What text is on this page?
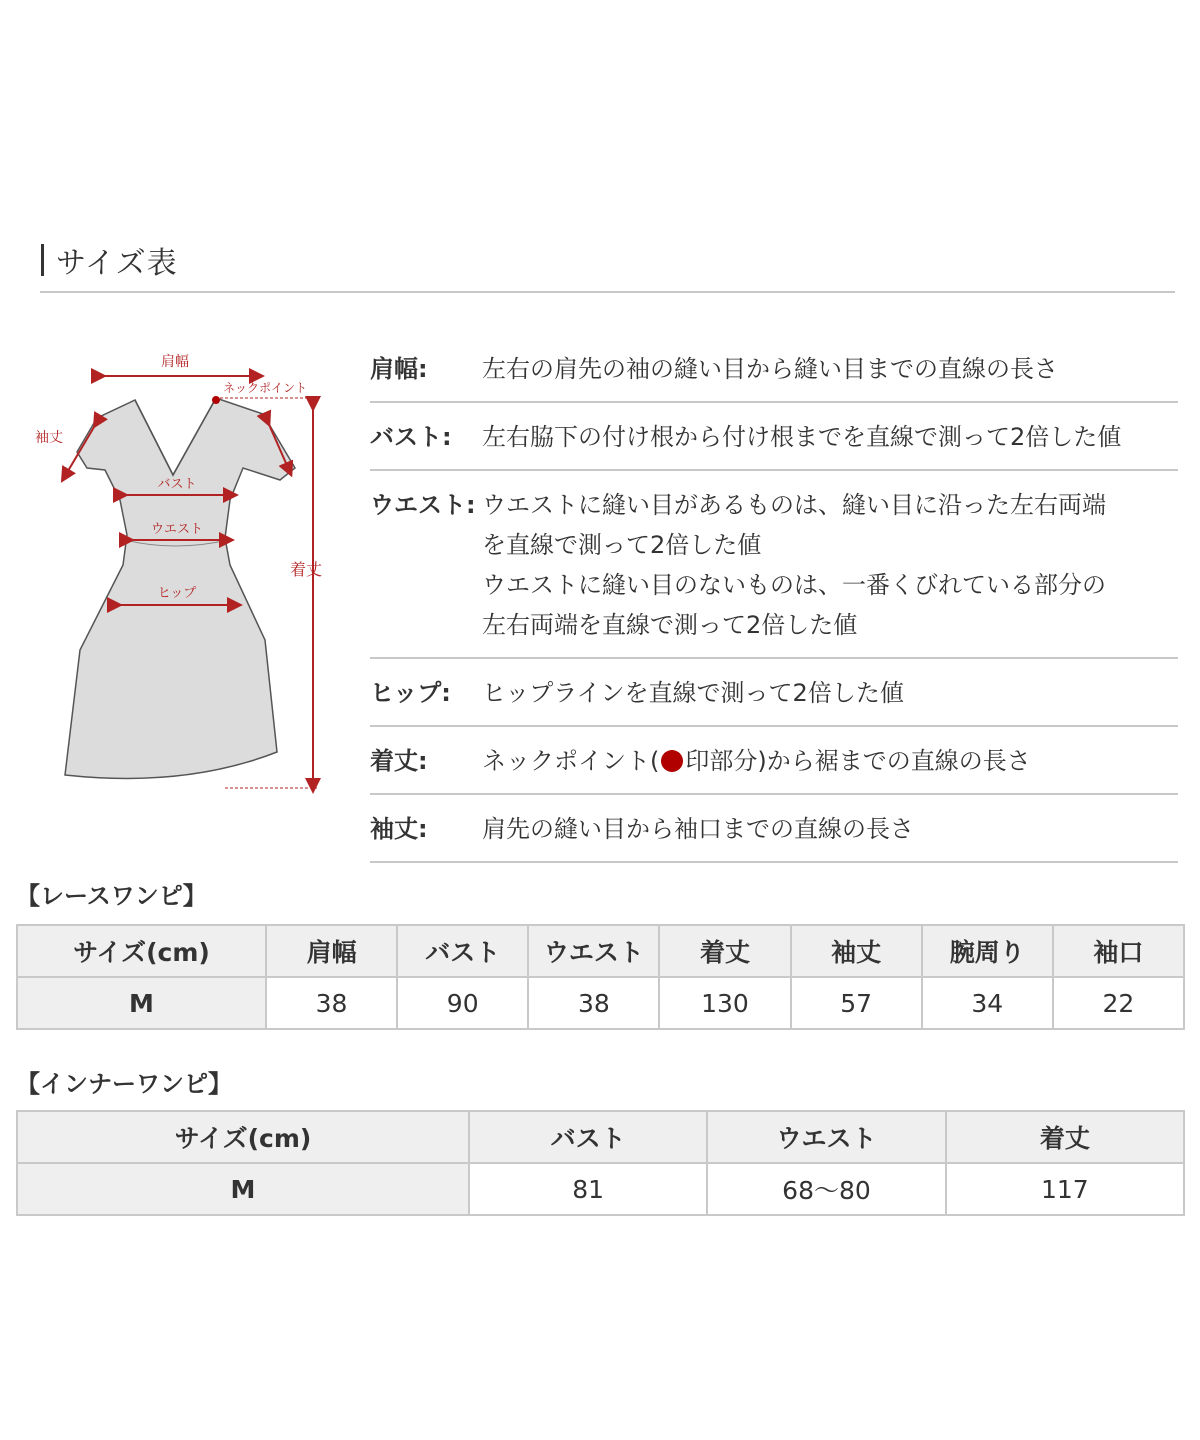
サイズ表
肩幅
ネックポイント
袖丈
バスト
ウエスト
ヒップ
着丈
肩幅:	左右の肩先の袖の縫い目から縫い目までの直線の長さ
バスト:	左右脇下の付け根から付け根までを直線で測って2倍した値
ウエスト: ウエストに縫い目があるものは、縫い目に沿った左右両端
を直線で測って2倍した値
ウエストに縫い目のないものは、一番くびれている部分の
左右両端を直線で測って2倍した値
ヒップ:	ヒップラインを直線で測って2倍した値
着丈:	ネックポイント( 印部分)から裾までの直線の長さ
袖丈:	肩先の縫い目から袖口までの直線の長さ
【レースワンピ】
サイズ(cm)	肩幅	バスト	ウエスト	着丈	袖丈	腕周り	袖口
M	38	90	38	130	57	34	22
【インナーワンピ】
サイズ(cm)	バスト	ウエスト	着丈
M	81	68～80	117
